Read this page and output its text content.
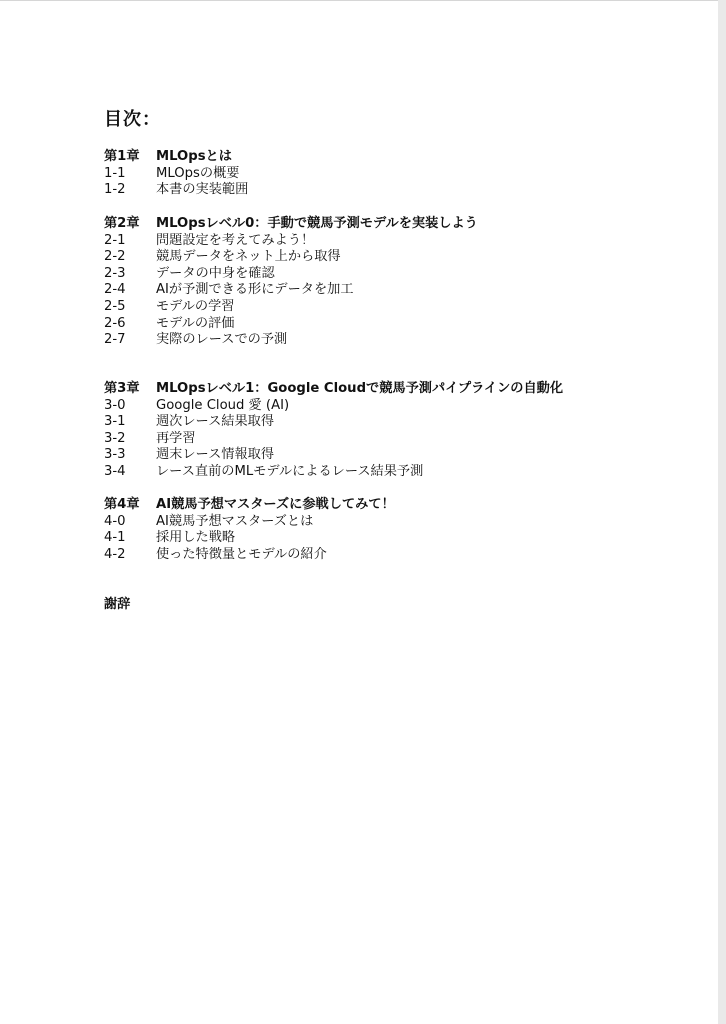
目次：
第1章	MLOpsとは
1-1	MLOpsの概要
1-2	本書の実装範囲
第2章	MLOpsレベル0：手動で競馬予測モデルを実装しよう
2-1	問題設定を考えてみよう！
2-2	競馬データをネット上から取得
2-3	データの中身を確認
2-4	AIが予測できる形にデータを加工
2-5	モデルの学習
2-6	モデルの評価
2-7	実際のレースでの予測
第3章	MLOpsレベル1：Google Cloudで競馬予測パイプラインの自動化
3-0	Google Cloud 愛 (AI)
3-1	週次レース結果取得
3-2	再学習
3-3	週末レース情報取得
3-4	レース直前のMLモデルによるレース結果予測
第4章	AI競馬予想マスターズに参戦してみて！
4-0	AI競馬予想マスターズとは
4-1	採用した戦略
4-2	使った特徴量とモデルの紹介
謝辞
